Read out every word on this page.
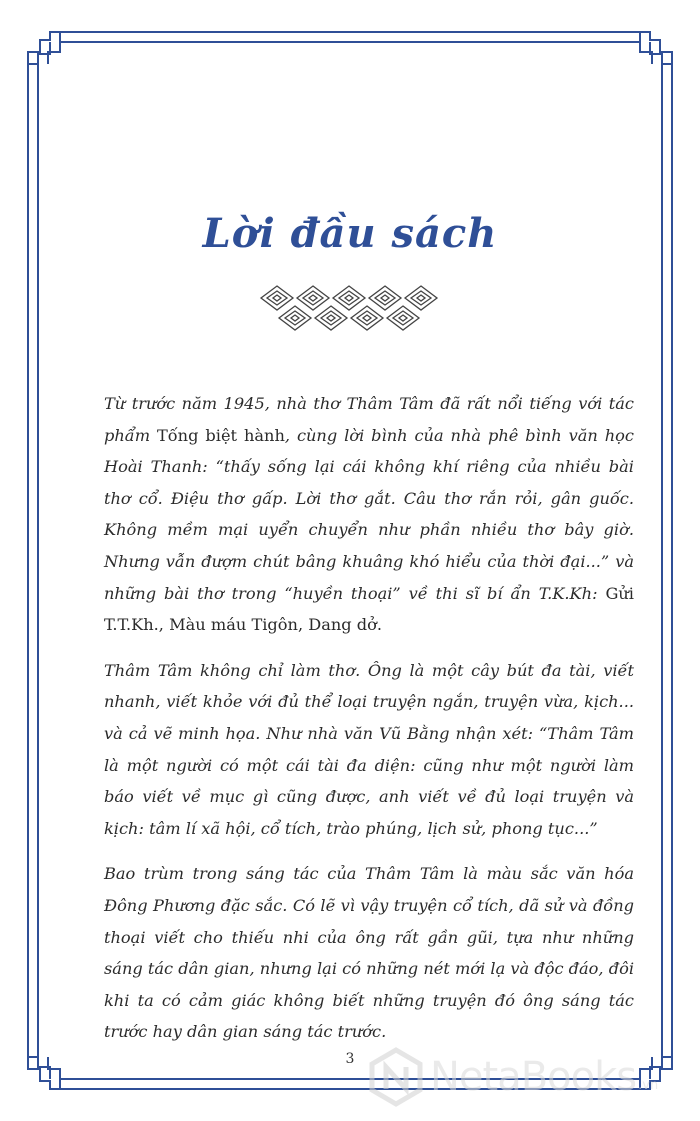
Lời đầu sách

Từ trước năm 1945, nhà thơ Thâm Tâm đã rất nổi tiếng với tác phẩm Tống biệt hành, cùng lời bình của nhà phê bình văn học Hoài Thanh: “thấy sống lại cái không khí riêng của nhiều bài thơ cổ. Điệu thơ gấp. Lời thơ gắt. Câu thơ rắn rỏi, gân guốc. Không mềm mại uyển chuyển như phần nhiều thơ bây giờ. Nhưng vẫn đượm chút bâng khuâng khó hiểu của thời đại...” và những bài thơ trong “huyền thoại” về thi sĩ bí ẩn T.K.Kh: Gửi T.T.Kh., Màu máu Tigôn, Dang dở.

Thâm Tâm không chỉ làm thơ. Ông là một cây bút đa tài, viết nhanh, viết khỏe với đủ thể loại truyện ngắn, truyện vừa, kịch... và cả vẽ minh họa. Như nhà văn Vũ Bằng nhận xét: “Thâm Tâm là một người có một cái tài đa diện: cũng như một người làm báo viết về mục gì cũng được, anh viết về đủ loại truyện và kịch: tâm lí xã hội, cổ tích, trào phúng, lịch sử, phong tục...”

Bao trùm trong sáng tác của Thâm Tâm là màu sắc văn hóa Đông Phương đặc sắc. Có lẽ vì vậy truyện cổ tích, dã sử và đồng thoại viết cho thiếu nhi của ông rất gần gũi, tựa như những sáng tác dân gian, nhưng lại có những nét mới lạ và độc đáo, đôi khi ta có cảm giác không biết những truyện đó ông sáng tác trước hay dân gian sáng tác trước.

3	NetaBooks .vn
